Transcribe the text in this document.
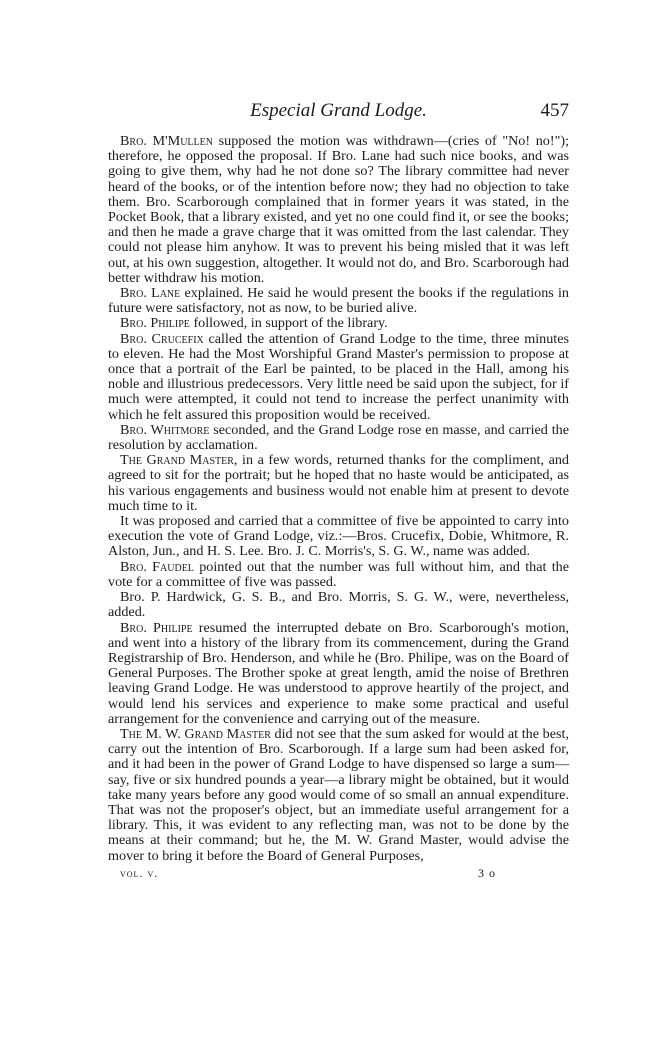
Especial Grand Lodge.	457

Bro. M'Mullen supposed the motion was withdrawn—(cries of "No! no!"); therefore, he opposed the proposal. If Bro. Lane had such nice books, and was going to give them, why had he not done so? The library committee had never heard of the books, or of the intention before now; they had no objection to take them. Bro. Scarborough complained that in former years it was stated, in the Pocket Book, that a library existed, and yet no one could find it, or see the books; and then he made a grave charge that it was omitted from the last calendar. They could not please him anyhow. It was to prevent his being misled that it was left out, at his own suggestion, altogether. It would not do, and Bro. Scarborough had better withdraw his motion.

Bro. Lane explained. He said he would present the books if the regulations in future were satisfactory, not as now, to be buried alive.

Bro. Philipe followed, in support of the library.

Bro. Crucefix called the attention of Grand Lodge to the time, three minutes to eleven. He had the Most Worshipful Grand Master's permission to propose at once that a portrait of the Earl be painted, to be placed in the Hall, among his noble and illustrious predecessors. Very little need be said upon the subject, for if much were attempted, it could not tend to increase the perfect unanimity with which he felt assured this proposition would be received.

Bro. Whitmore seconded, and the Grand Lodge rose en masse, and carried the resolution by acclamation.

The Grand Master, in a few words, returned thanks for the compliment, and agreed to sit for the portrait; but he hoped that no haste would be anticipated, as his various engagements and business would not enable him at present to devote much time to it.

It was proposed and carried that a committee of five be appointed to carry into execution the vote of Grand Lodge, viz.:—Bros. Crucefix, Dobie, Whitmore, R. Alston, Jun., and H. S. Lee. Bro. J. C. Morris's, S. G. W., name was added.

Bro. Faudel pointed out that the number was full without him, and that the vote for a committee of five was passed.

Bro. P. Hardwick, G. S. B., and Bro. Morris, S. G. W., were, nevertheless, added.

Bro. Philipe resumed the interrupted debate on Bro. Scarborough's motion, and went into a history of the library from its commencement, during the Grand Registrarship of Bro. Henderson, and while he (Bro. Philipe, was on the Board of General Purposes. The Brother spoke at great length, amid the noise of Brethren leaving Grand Lodge. He was understood to approve heartily of the project, and would lend his services and experience to make some practical and useful arrangement for the convenience and carrying out of the measure.

The M. W. Grand Master did not see that the sum asked for would at the best, carry out the intention of Bro. Scarborough. If a large sum had been asked for, and it had been in the power of Grand Lodge to have dispensed so large a sum—say, five or six hundred pounds a year—a library might be obtained, but it would take many years before any good would come of so small an annual expenditure. That was not the proposer's object, but an immediate useful arrangement for a library. This, it was evident to any reflecting man, was not to be done by the means at their command; but he, the M. W. Grand Master, would advise the mover to bring it before the Board of General Purposes,

vol. v.	3 o
